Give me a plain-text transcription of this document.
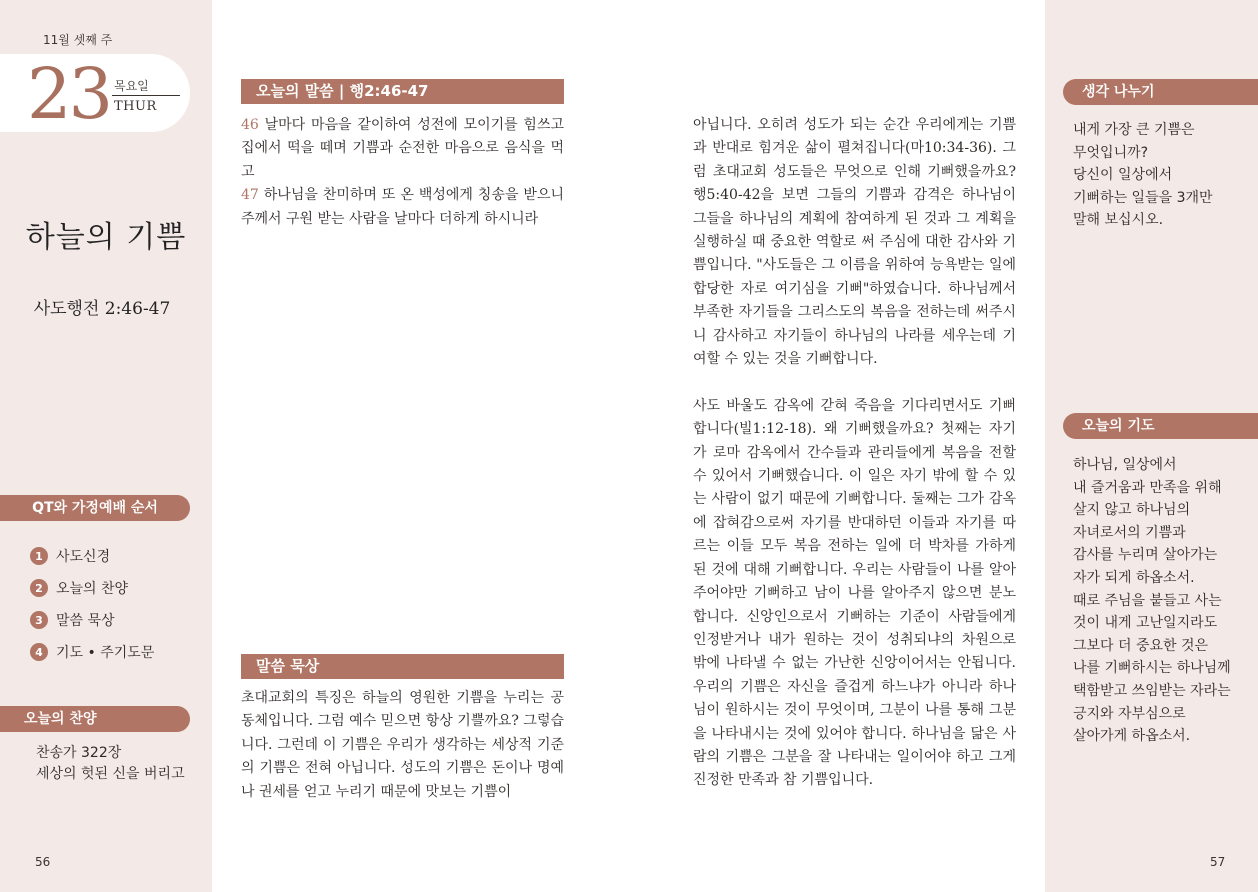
11월 셋째 주
23 목요일
THUR
하늘의 기쁨
사도행전 2:46-47
QT와 가정예배 순서
1 사도신경
2 오늘의 찬양
3 말씀 묵상
4 기도 • 주기도문
오늘의 찬양
찬송가 322장
세상의 헛된 신을 버리고
56
오늘의 말씀 | 행2:46-47
46 날마다 마음을 같이하여 성전에 모이기를 힘쓰고 집에서 떡을 떼며 기쁨과 순전한 마음으로 음식을 먹고
47 하나님을 찬미하며 또 온 백성에게 칭송을 받으니 주께서 구원 받는 사람을 날마다 더하게 하시니라
말씀 묵상
초대교회의 특징은 하늘의 영원한 기쁨을 누리는 공동체입니다. 그럼 예수 믿으면 항상 기쁠까요? 그렇습니다. 그런데 이 기쁨은 우리가 생각하는 세상적 기준의 기쁨은 전혀 아닙니다. 성도의 기쁨은 돈이나 명예나 권세를 얻고 누리기 때문에 맛보는 기쁨이
아닙니다. 오히려 성도가 되는 순간 우리에게는 기쁨과 반대로 힘겨운 삶이 펼쳐집니다(마10:34-36). 그럼 초대교회 성도들은 무엇으로 인해 기뻐했을까요? 행5:40-42을 보면 그들의 기쁨과 감격은 하나님이 그들을 하나님의 계획에 참여하게 된 것과 그 계획을 실행하실 때 중요한 역할로 써 주심에 대한 감사와 기쁨입니다. "사도들은 그 이름을 위하여 능욕받는 일에 합당한 자로 여기심을 기뻐"하였습니다. 하나님께서 부족한 자기들을 그리스도의 복음을 전하는데 써주시니 감사하고 자기들이 하나님의 나라를 세우는데 기여할 수 있는 것을 기뻐합니다.
사도 바울도 감옥에 갇혀 죽음을 기다리면서도 기뻐합니다(빌1:12-18). 왜 기뻐했을까요? 첫째는 자기가 로마 감옥에서 간수들과 관리들에게 복음을 전할 수 있어서 기뻐했습니다. 이 일은 자기 밖에 할 수 있는 사람이 없기 때문에 기뻐합니다. 둘째는 그가 감옥에 잡혀감으로써 자기를 반대하던 이들과 자기를 따르는 이들 모두 복음 전하는 일에 더 박차를 가하게 된 것에 대해 기뻐합니다. 우리는 사람들이 나를 알아주어야만 기뻐하고 남이 나를 알아주지 않으면 분노합니다. 신앙인으로서 기뻐하는 기준이 사람들에게 인정받거나 내가 원하는 것이 성취되냐의 차원으로 밖에 나타낼 수 없는 가난한 신앙이어서는 안됩니다. 우리의 기쁨은 자신을 즐겁게 하느냐가 아니라 하나님이 원하시는 것이 무엇이며, 그분이 나를 통해 그분을 나타내시는 것에 있어야 합니다. 하나님을 닮은 사람의 기쁨은 그분을 잘 나타내는 일이어야 하고 그게 진정한 만족과 참 기쁨입니다.
생각 나누기
내게 가장 큰 기쁨은
무엇입니까?
당신이 일상에서
기뻐하는 일들을 3개만
말해 보십시오.
오늘의 기도
하나님, 일상에서
내 즐거움과 만족을 위해
살지 않고 하나님의
자녀로서의 기쁨과
감사를 누리며 살아가는
자가 되게 하옵소서.
때로 주님을 붙들고 사는
것이 내게 고난일지라도
그보다 더 중요한 것은
나를 기뻐하시는 하나님께
택함받고 쓰임받는 자라는
긍지와 자부심으로
살아가게 하옵소서.
57
